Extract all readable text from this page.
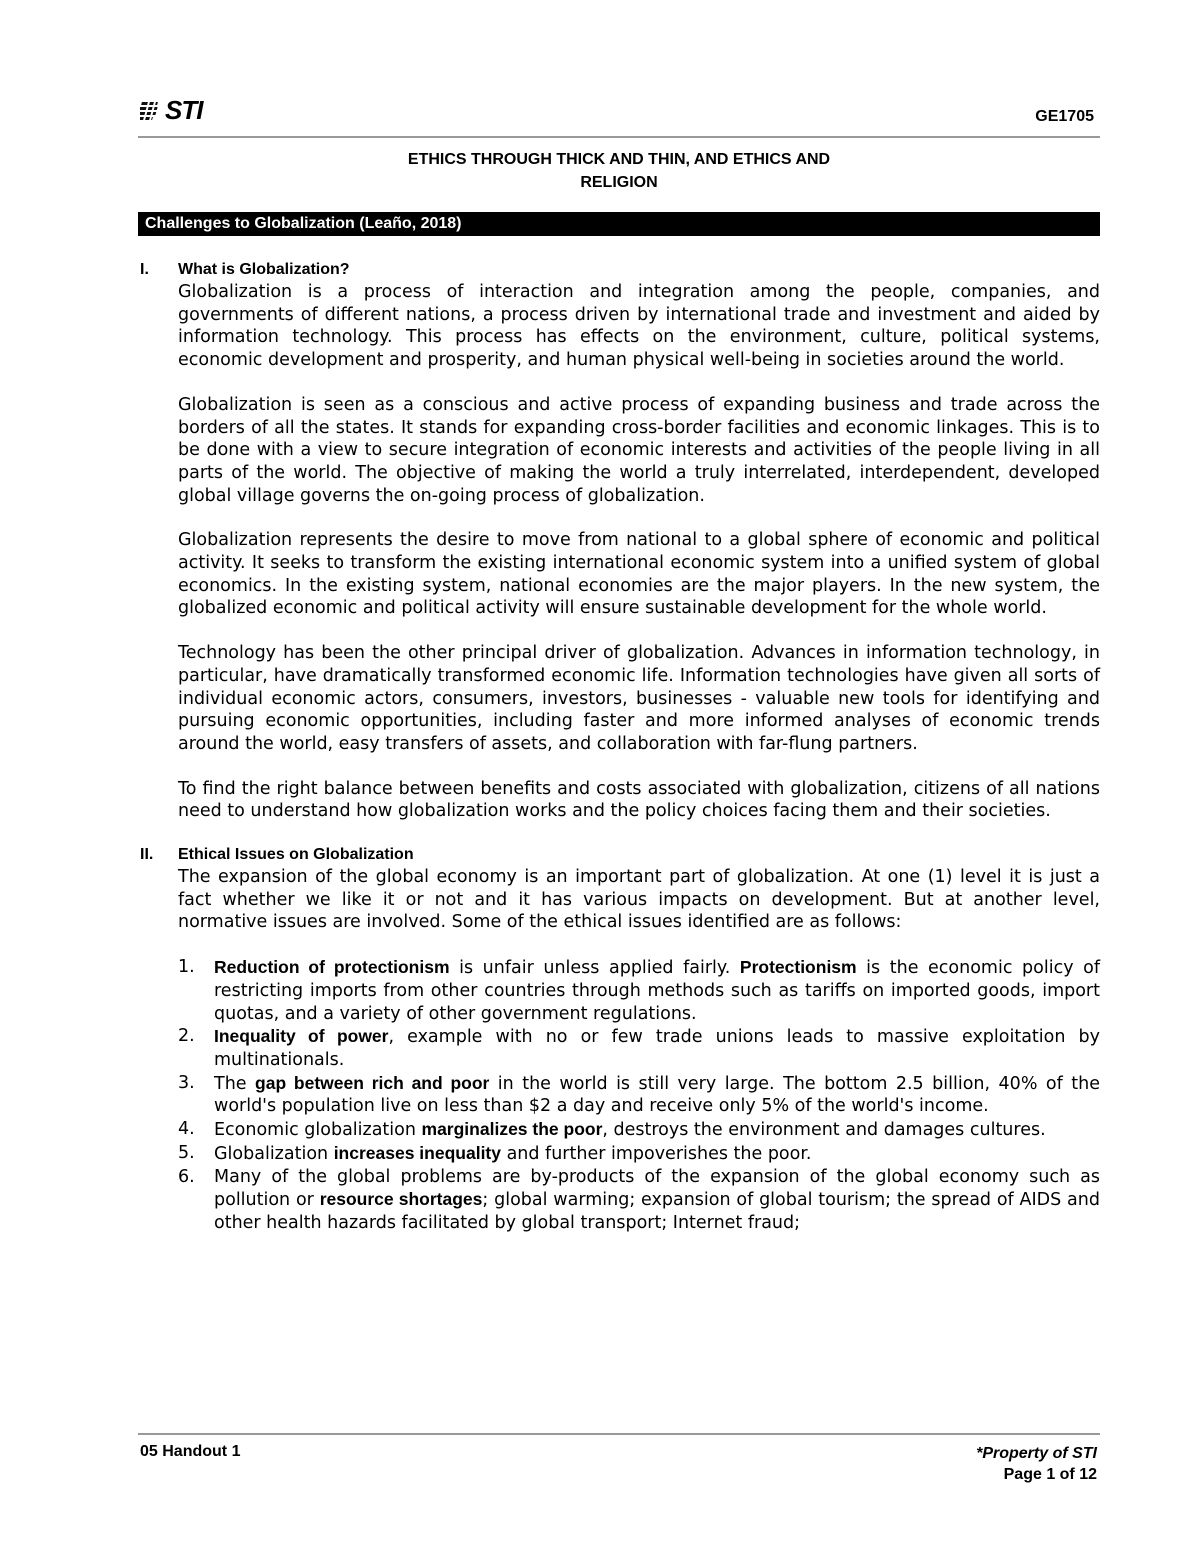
STI	GE1705
ETHICS THROUGH THICK AND THIN, AND ETHICS AND
RELIGION
Challenges to Globalization (Leaño, 2018)
I.	What is Globalization?

Globalization is a process of interaction and integration among the people, companies, and governments of different nations, a process driven by international trade and investment and aided by information technology. This process has effects on the environment, culture, political systems, economic development and prosperity, and human physical well-being in societies around the world.

Globalization is seen as a conscious and active process of expanding business and trade across the borders of all the states. It stands for expanding cross-border facilities and economic linkages. This is to be done with a view to secure integration of economic interests and activities of the people living in all parts of the world. The objective of making the world a truly interrelated, interdependent, developed global village governs the on-going process of globalization.

Globalization represents the desire to move from national to a global sphere of economic and political activity. It seeks to transform the existing international economic system into a unified system of global economics. In the existing system, national economies are the major players. In the new system, the globalized economic and political activity will ensure sustainable development for the whole world.

Technology has been the other principal driver of globalization. Advances in information technology, in particular, have dramatically transformed economic life. Information technologies have given all sorts of individual economic actors, consumers, investors, businesses - valuable new tools for identifying and pursuing economic opportunities, including faster and more informed analyses of economic trends around the world, easy transfers of assets, and collaboration with far-flung partners.

To find the right balance between benefits and costs associated with globalization, citizens of all nations need to understand how globalization works and the policy choices facing them and their societies.

II.	Ethical Issues on Globalization

The expansion of the global economy is an important part of globalization. At one (1) level it is just a fact whether we like it or not and it has various impacts on development. But at another level, normative issues are involved. Some of the ethical issues identified are as follows:

1.	Reduction of protectionism is unfair unless applied fairly. Protectionism is the economic policy of restricting imports from other countries through methods such as tariffs on imported goods, import quotas, and a variety of other government regulations.
2.	Inequality of power, example with no or few trade unions leads to massive exploitation by multinationals.
3.	The gap between rich and poor in the world is still very large. The bottom 2.5 billion, 40% of the world's population live on less than $2 a day and receive only 5% of the world's income.
4.	Economic globalization marginalizes the poor, destroys the environment and damages cultures.
5.	Globalization increases inequality and further impoverishes the poor.
6.	Many of the global problems are by-products of the expansion of the global economy such as pollution or resource shortages; global warming; expansion of global tourism; the spread of AIDS and other health hazards facilitated by global transport; Internet fraud;
05 Handout 1	*Property of STI
Page 1 of 12
